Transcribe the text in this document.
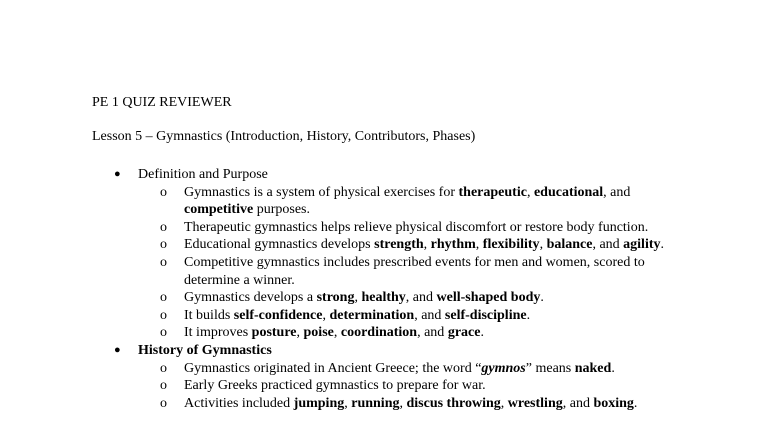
PE 1 QUIZ REVIEWER
Lesson 5 – Gymnastics (Introduction, History, Contributors, Phases)
● Definition and Purpose
o Gymnastics is a system of physical exercises for therapeutic, educational, and competitive purposes.
o Therapeutic gymnastics helps relieve physical discomfort or restore body function.
o Educational gymnastics develops strength, rhythm, flexibility, balance, and agility.
o Competitive gymnastics includes prescribed events for men and women, scored to determine a winner.
o Gymnastics develops a strong, healthy, and well-shaped body.
o It builds self-confidence, determination, and self-discipline.
o It improves posture, poise, coordination, and grace.
● History of Gymnastics
o Gymnastics originated in Ancient Greece; the word “gymnos” means naked.
o Early Greeks practiced gymnastics to prepare for war.
o Activities included jumping, running, discus throwing, wrestling, and boxing.
